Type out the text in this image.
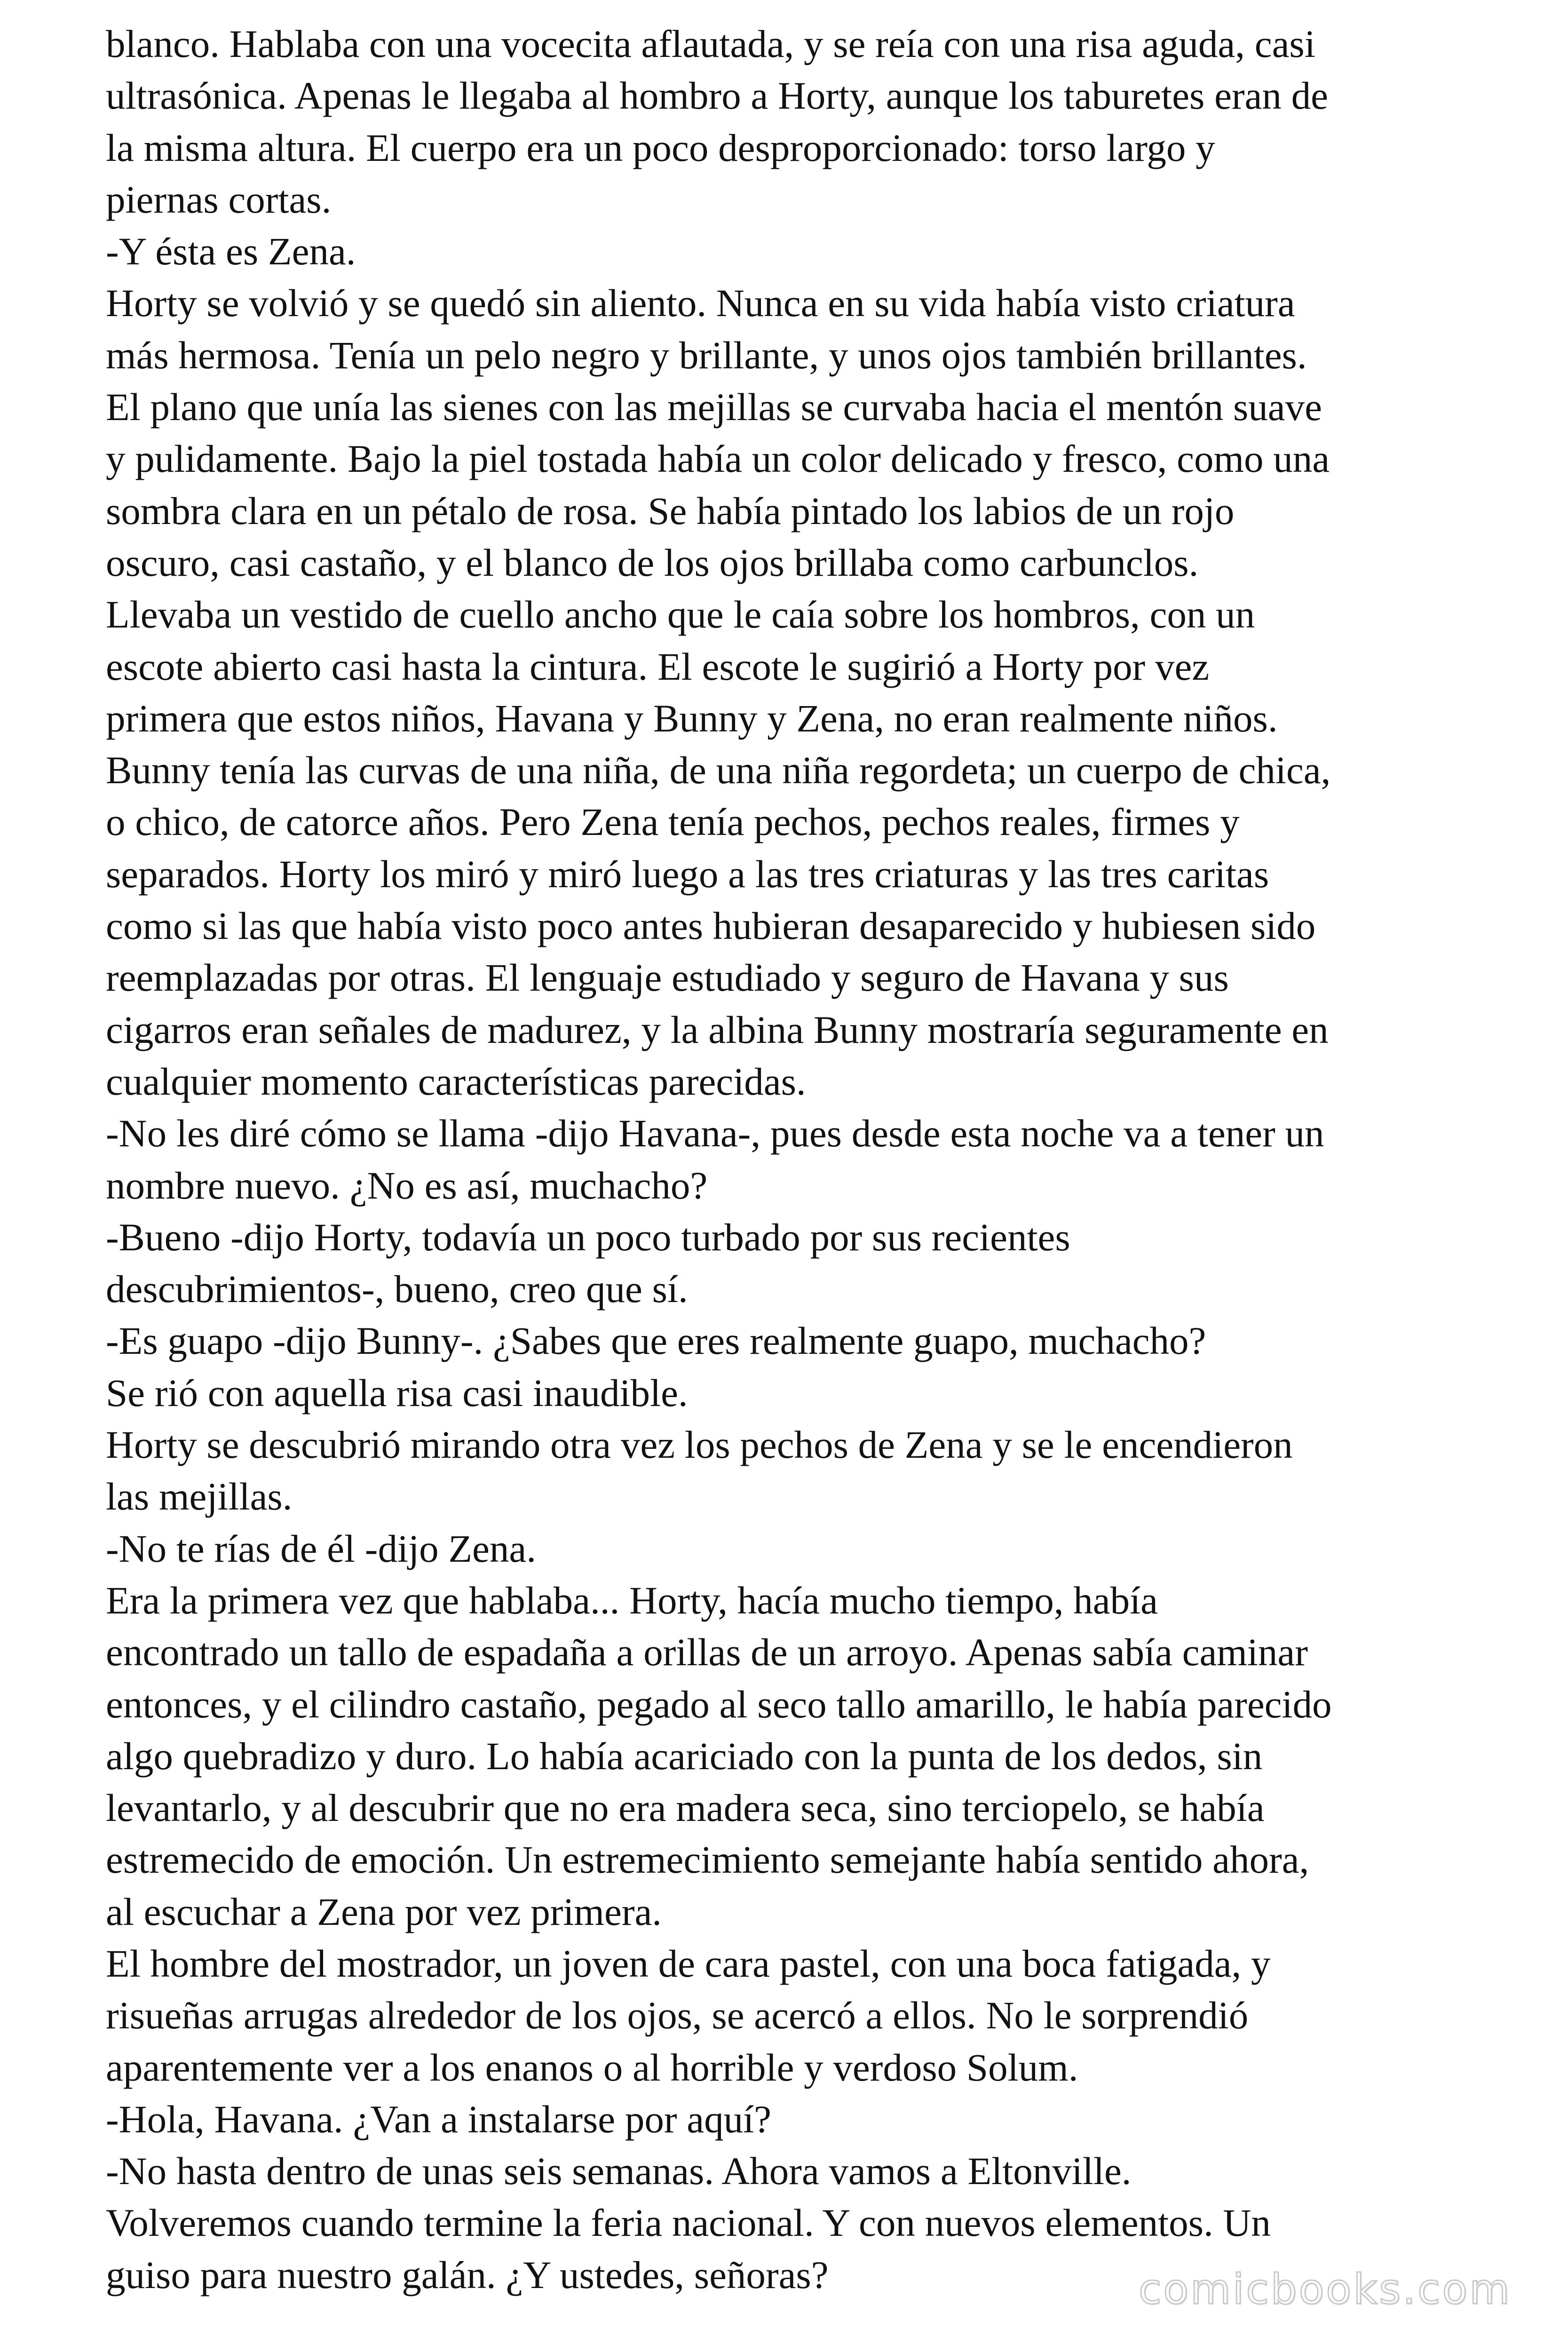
blanco. Hablaba con una vocecita aflautada, y se reía con una risa aguda, casi
ultrasónica. Apenas le llegaba al hombro a Horty, aunque los taburetes eran de
la misma altura. El cuerpo era un poco desproporcionado: torso largo y
piernas cortas.
-Y ésta es Zena.
Horty se volvió y se quedó sin aliento. Nunca en su vida había visto criatura
más hermosa. Tenía un pelo negro y brillante, y unos ojos también brillantes.
El plano que unía las sienes con las mejillas se curvaba hacia el mentón suave
y pulidamente. Bajo la piel tostada había un color delicado y fresco, como una
sombra clara en un pétalo de rosa. Se había pintado los labios de un rojo
oscuro, casi castaño, y el blanco de los ojos brillaba como carbunclos.
Llevaba un vestido de cuello ancho que le caía sobre los hombros, con un
escote abierto casi hasta la cintura. El escote le sugirió a Horty por vez
primera que estos niños, Havana y Bunny y Zena, no eran realmente niños.
Bunny tenía las curvas de una niña, de una niña regordeta; un cuerpo de chica,
o chico, de catorce años. Pero Zena tenía pechos, pechos reales, firmes y
separados. Horty los miró y miró luego a las tres criaturas y las tres caritas
como si las que había visto poco antes hubieran desaparecido y hubiesen sido
reemplazadas por otras. El lenguaje estudiado y seguro de Havana y sus
cigarros eran señales de madurez, y la albina Bunny mostraría seguramente en
cualquier momento características parecidas.
-No les diré cómo se llama -dijo Havana-, pues desde esta noche va a tener un
nombre nuevo. ¿No es así, muchacho?
-Bueno -dijo Horty, todavía un poco turbado por sus recientes
descubrimientos-, bueno, creo que sí.
-Es guapo -dijo Bunny-. ¿Sabes que eres realmente guapo, muchacho?
Se rió con aquella risa casi inaudible.
Horty se descubrió mirando otra vez los pechos de Zena y se le encendieron
las mejillas.
-No te rías de él -dijo Zena.
Era la primera vez que hablaba... Horty, hacía mucho tiempo, había
encontrado un tallo de espadaña a orillas de un arroyo. Apenas sabía caminar
entonces, y el cilindro castaño, pegado al seco tallo amarillo, le había parecido
algo quebradizo y duro. Lo había acariciado con la punta de los dedos, sin
levantarlo, y al descubrir que no era madera seca, sino terciopelo, se había
estremecido de emoción. Un estremecimiento semejante había sentido ahora,
al escuchar a Zena por vez primera.
El hombre del mostrador, un joven de cara pastel, con una boca fatigada, y
risueñas arrugas alrededor de los ojos, se acercó a ellos. No le sorprendió
aparentemente ver a los enanos o al horrible y verdoso Solum.
-Hola, Havana. ¿Van a instalarse por aquí?
-No hasta dentro de unas seis semanas. Ahora vamos a Eltonville.
Volveremos cuando termine la feria nacional. Y con nuevos elementos. Un
guiso para nuestro galán. ¿Y ustedes, señoras?	comicbooks.com
